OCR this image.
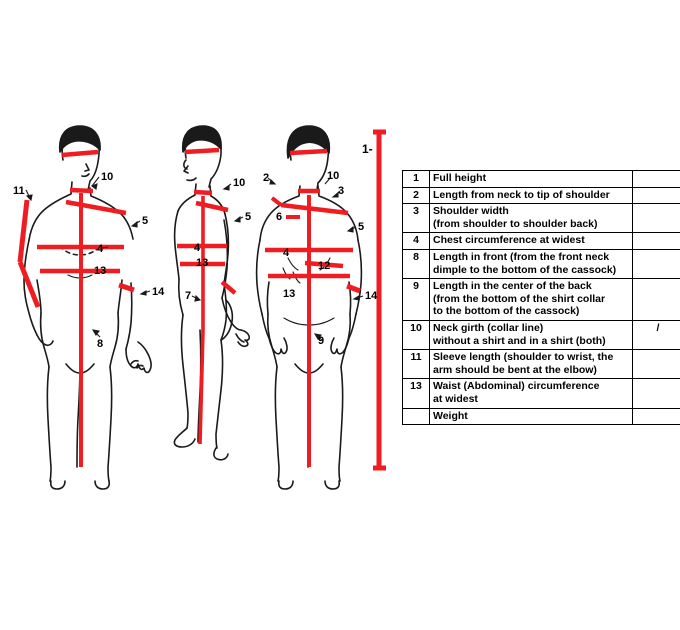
1-
10
11
5
4
13
14
8
10
5
4
13
7
2	10
3
6
5
4
12
13	14
9
1	Full height	
2	Length from neck to tip of shoulder	
3	Shoulder width
(from shoulder to shoulder back)	

4	Chest circumference at widest	
8	Length in front (from the front neck
dimple to the bottom of the cassock)	

9	Length in the center of the back
(from the bottom of the shirt collar
to the bottom of the cassock)	

10	Neck girth (collar line)
without a shirt and in a shirt (both)	/
11	Sleeve length (shoulder to wrist, the
arm should be bent at the elbow)	

13	Waist (Abdominal) circumference
at widest	

	Weight	
